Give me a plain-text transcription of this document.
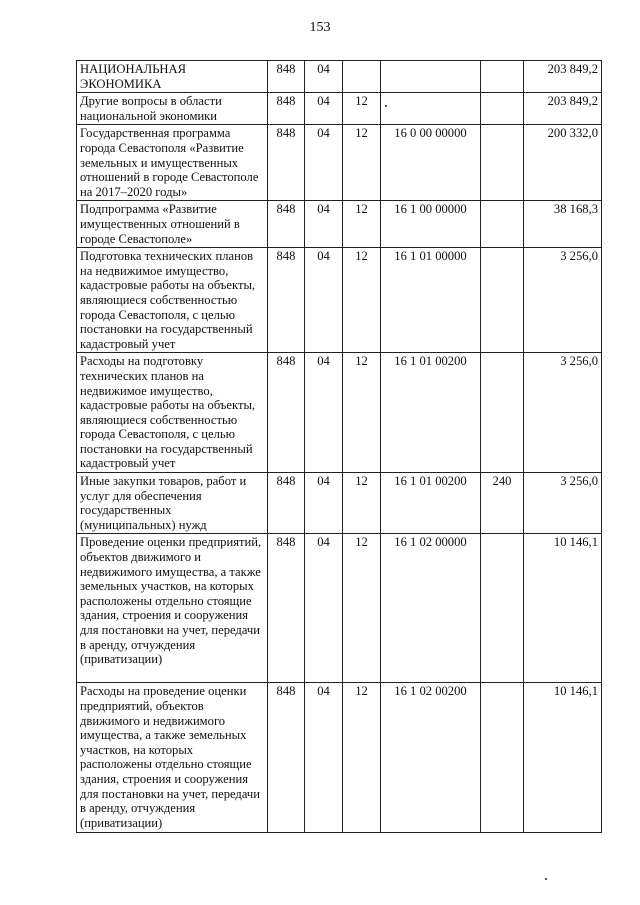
153
НАЦИОНАЛЬНАЯ ЭКОНОМИКА	848	04				203 849,2
Другие вопросы в области национальной экономики	848	04	12			203 849,2
Государственная программа города Севастополя «Развитие земельных и имущественных отношений в городе Севастополе на 2017–2020 годы»	848	04	12	16 0 00 00000		200 332,0
Подпрограмма «Развитие имущественных отношений в городе Севастополе»	848	04	12	16 1 00 00000		38 168,3
Подготовка технических планов на недвижимое имущество, кадастровые работы на объекты, являющиеся собственностью города Севастополя, с целью постановки на государственный кадастровый учет	848	04	12	16 1 01 00000		3 256,0
Расходы на подготовку технических планов на недвижимое имущество, кадастровые работы на объекты, являющиеся собственностью города Севастополя, с целью постановки на государственный кадастровый учет	848	04	12	16 1 01 00200		3 256,0
Иные закупки товаров, работ и услуг для обеспечения государственных (муниципальных) нужд	848	04	12	16 1 01 00200	240	3 256,0
Проведение оценки предприятий, объектов движимого и недвижимого имущества, а также земельных участков, на которых расположены отдельно стоящие здания, строения и сооружения для постановки на учет, передачи в аренду, отчуждения (приватизации)	848	04	12	16 1 02 00000		10 146,1
Расходы на проведение оценки предприятий, объектов движимого и недвижимого имущества, а также земельных участков, на которых расположены отдельно стоящие здания, строения и сооружения для постановки на учет, передачи в аренду, отчуждения (приватизации)	848	04	12	16 1 02 00200		10 146,1
